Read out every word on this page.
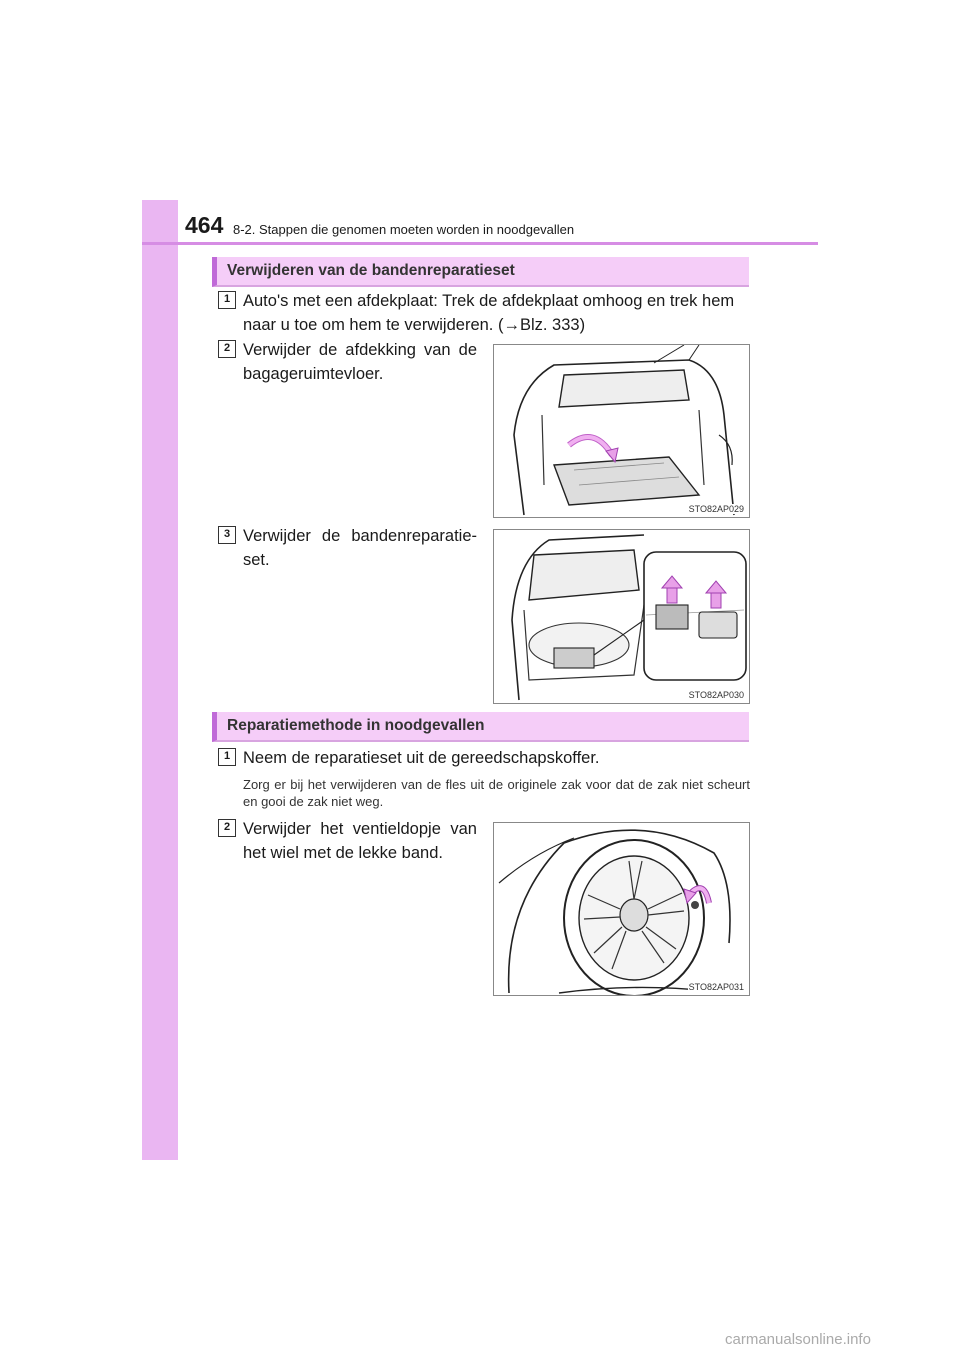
464 8-2. Stappen die genomen moeten worden in noodgevallen
Verwijderen van de bandenreparatieset
1 Auto's met een afdekplaat: Trek de afdekplaat omhoog en trek hem naar u toe om hem te verwijderen. (→Blz. 333)
2 Verwijder de afdekking van de bagageruimtevloer.
STO82AP029
3 Verwijder de bandenreparatie-set.
STO82AP030
Reparatiemethode in noodgevallen
1 Neem de reparatieset uit de gereedschapskoffer.
Zorg er bij het verwijderen van de fles uit de originele zak voor dat de zak niet scheurt en gooi de zak niet weg.
2 Verwijder het ventieldopje van het wiel met de lekke band.
STO82AP031
carmanualsonline.info
